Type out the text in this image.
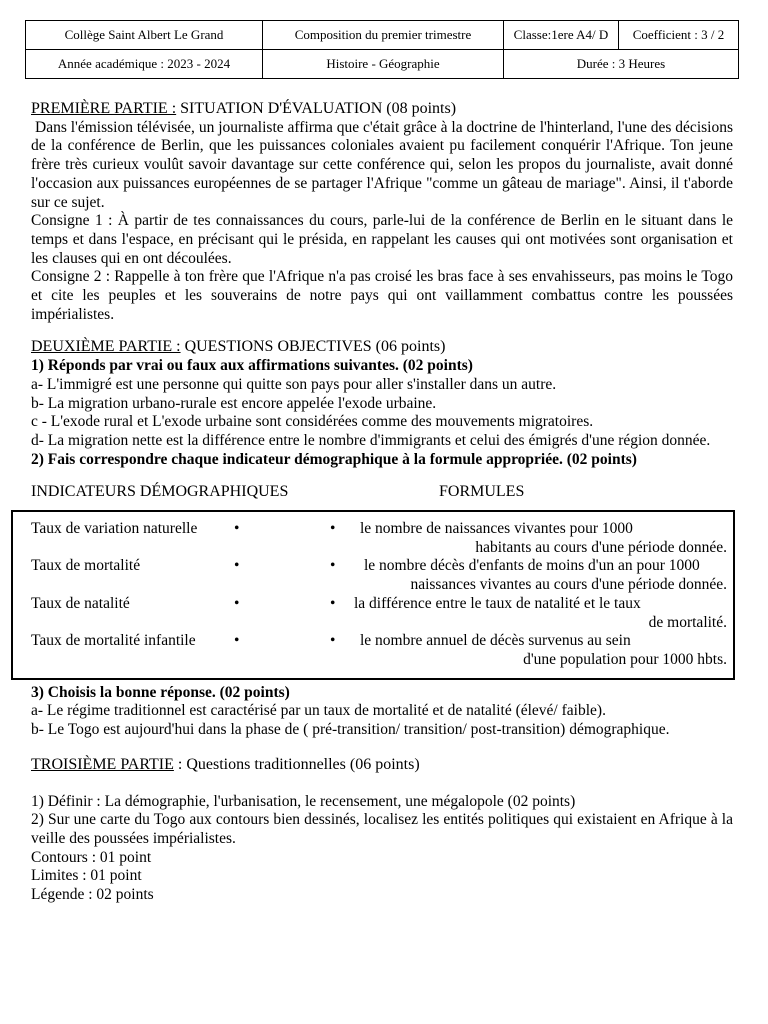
Collège Saint Albert Le Grand	Composition du premier trimestre	Classe:1ere A4/ D	Coefficient : 3 / 2
Année académique : 2023 - 2024	Histoire - Géographie	Durée : 3 Heures	

PREMIÈRE PARTIE : SITUATION D'ÉVALUATION (08 points)

Dans l'émission télévisée, un journaliste affirma que c'était grâce à la doctrine de l'hinterland, l'une des décisions de la conférence de Berlin, que les puissances coloniales avaient pu facilement conquérir l'Afrique. Ton jeune frère très curieux voulût savoir davantage sur cette conférence qui, selon les propos du journaliste, avait donné l'occasion aux puissances européennes de se partager l'Afrique "comme un gâteau de mariage". Ainsi, il t'aborde sur ce sujet.

Consigne 1 : À partir de tes connaissances du cours, parle-lui de la conférence de Berlin en le situant dans le temps et dans l'espace, en précisant qui le présida, en rappelant les causes qui ont motivées sont organisation et les clauses qui en ont découlées.

Consigne 2 : Rappelle à ton frère que l'Afrique n'a pas croisé les bras face à ses envahisseurs, pas moins le Togo et cite les peuples et les souverains de notre pays qui ont vaillamment combattus contre les poussées impérialistes.

DEUXIÈME PARTIE : QUESTIONS OBJECTIVES (06 points)

1) Réponds par vrai ou faux aux affirmations suivantes. (02 points)

a- L'immigré est une personne qui quitte son pays pour aller s'installer dans un autre.

b- La migration urbano-rurale est encore appelée l'exode urbaine.

c - L'exode rural et L'exode urbaine sont considérées comme des mouvements migratoires.

d- La migration nette est la différence entre le nombre d'immigrants et celui des émigrés d'une région donnée.

2) Fais correspondre chaque indicateur démographique à la formule appropriée. (02 points)

INDICATEURS DÉMOGRAPHIQUES	FORMULES
Taux de variation naturelle	•	•	le nombre de naissances vivantes pour 1000
habitants au cours d'une période donnée.
Taux de mortalité	•	•	le nombre décès d'enfants de moins d'un an pour 1000
naissances vivantes au cours d'une période donnée.
Taux de natalité	•	•	la différence entre le taux de natalité et le taux
de mortalité.
Taux de mortalité infantile	•	•	le nombre annuel de décès survenus au sein
d'une population pour 1000 hbts.

3) Choisis la bonne réponse. (02 points)

a- Le régime traditionnel est caractérisé par un taux de mortalité et de natalité (élevé/ faible).

b- Le Togo est aujourd'hui dans la phase de ( pré-transition/ transition/ post-transition) démographique.

TROISIÈME PARTIE : Questions traditionnelles (06 points)

1) Définir : La démographie, l'urbanisation, le recensement, une mégalopole (02 points)

2) Sur une carte du Togo aux contours bien dessinés, localisez les entités politiques qui existaient en Afrique à la veille des poussées impérialistes.

Contours : 01 point

Limites : 01 point

Légende : 02 points
